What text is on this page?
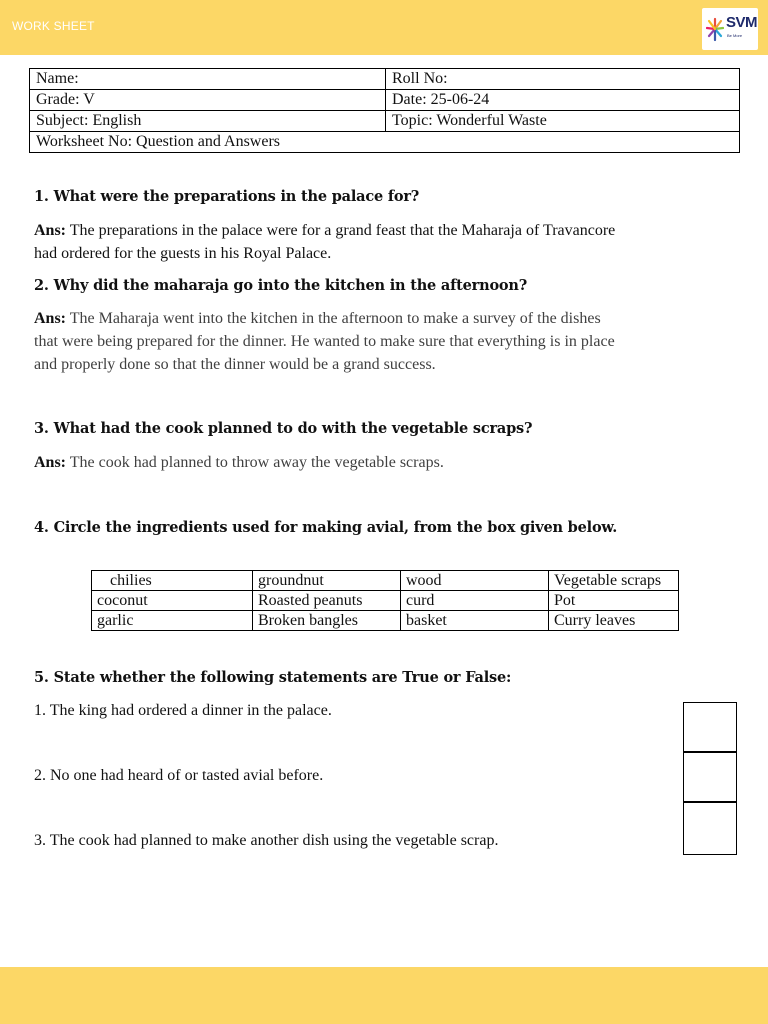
WORK SHEET	SVM
Be More
Name:	Roll No:
Grade: V	Date: 25-06-24
Subject: English	Topic: Wonderful Waste
Worksheet No: Question and Answers	
1. What were the preparations in the palace for?
Ans: The preparations in the palace were for a grand feast that the Maharaja of Travancore
had ordered for the guests in his Royal Palace.
2. Why did the maharaja go into the kitchen in the afternoon?
Ans: The Maharaja went into the kitchen in the afternoon to make a survey of the dishes
that were being prepared for the dinner. He wanted to make sure that everything is in place
and properly done so that the dinner would be a grand success.
3. What had the cook planned to do with the vegetable scraps?
Ans: The cook had planned to throw away the vegetable scraps.
4. Circle the ingredients used for making avial, from the box given below.
chilies	groundnut	wood	Vegetable scraps
coconut	Roasted peanuts	curd	Pot
garlic	Broken bangles	basket	Curry leaves
5. State whether the following statements are True or False:
1. The king had ordered a dinner in the palace.
2. No one had heard of or tasted avial before.
3. The cook had planned to make another dish using the vegetable scrap.
